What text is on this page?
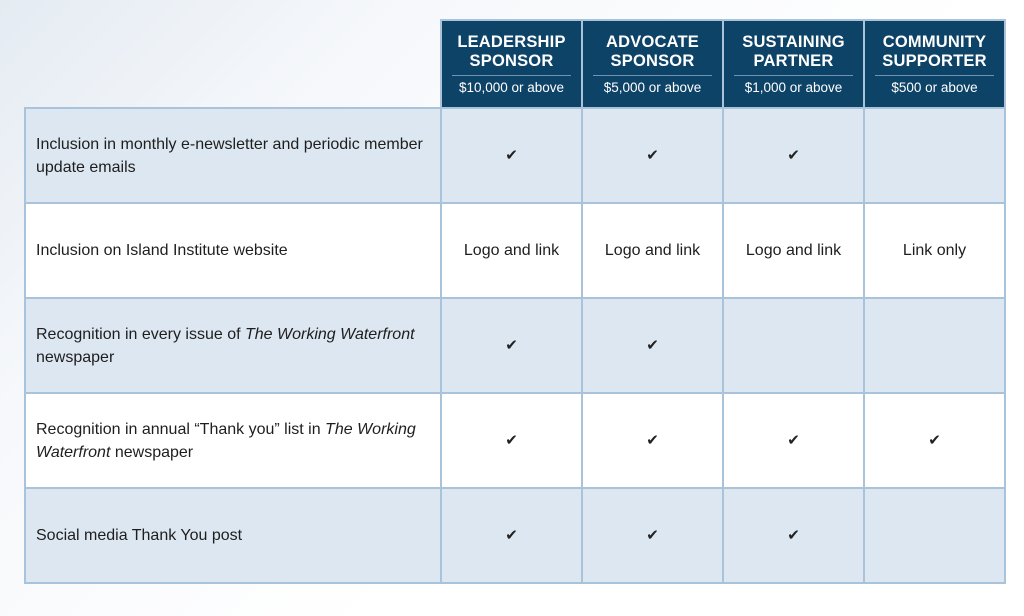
	LEADERSHIP
SPONSOR
$10,000 or above	ADVOCATE
SPONSOR
$5,000 or above	SUSTAINING
PARTNER
$1,000 or above	COMMUNITY
SUPPORTER
$500 or above

Inclusion in monthly e-newsletter and periodic member update emails	✔	✔	✔	
Inclusion on Island Institute website	Logo and link	Logo and link	Logo and link	Link only
Recognition in every issue of The Working Waterfront newspaper	✔	✔		
Recognition in annual “Thank you” list in The Working Waterfront newspaper	✔	✔	✔	✔
Social media Thank You post	✔	✔	✔	
